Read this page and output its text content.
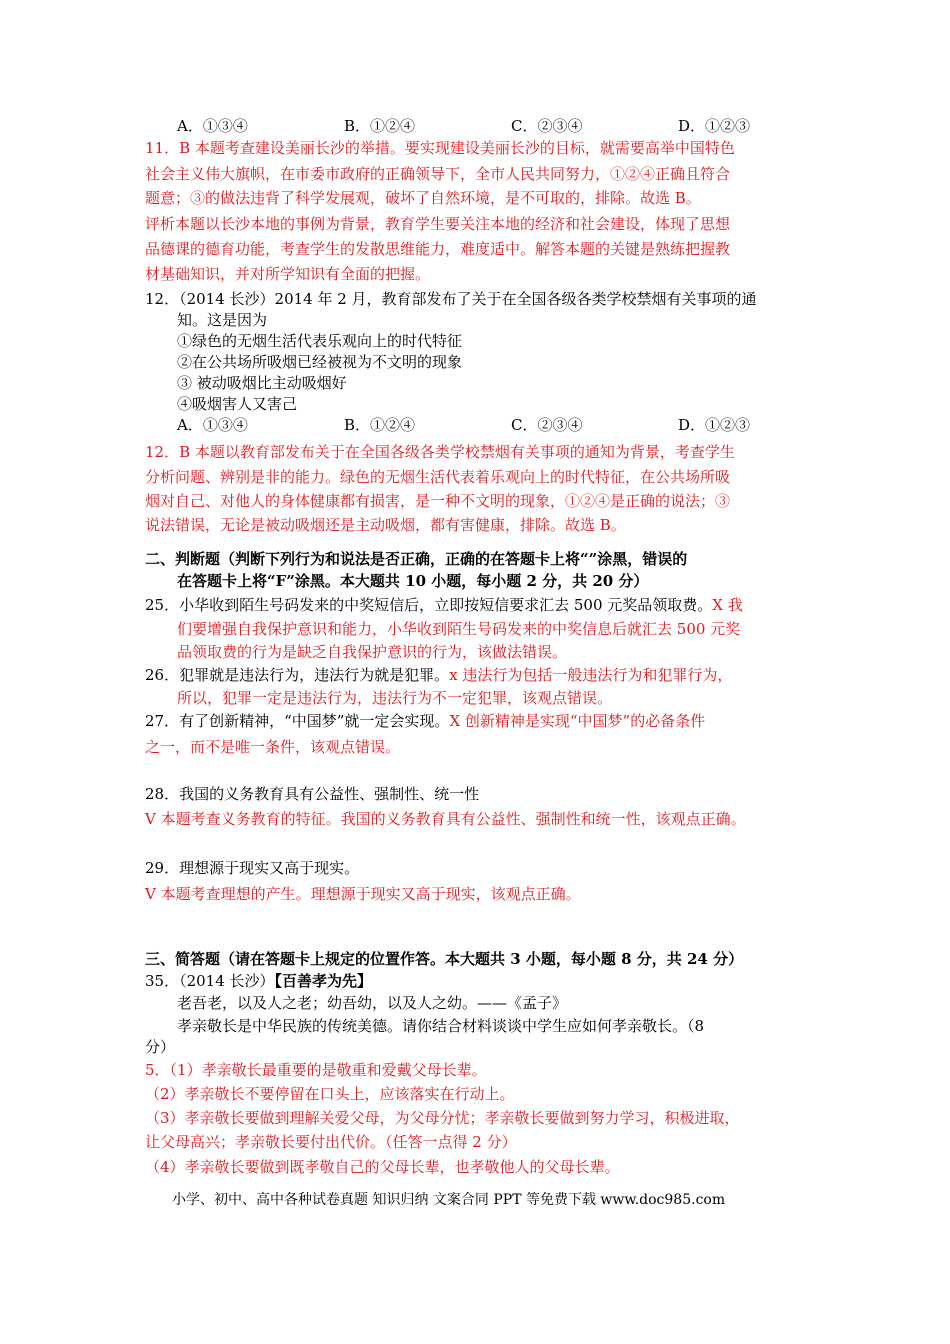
A．①③④	B．①②④	C．②③④	D．①②③
11．B 本题考查建设美丽长沙的举措。要实现建设美丽长沙的目标，就需要高举中国特色
社会主义伟大旗帜，在市委市政府的正确领导下，全市人民共同努力，①②④正确且符合
题意；③的做法违背了科学发展观，破坏了自然环境，是不可取的，排除。故选 B。
评析本题以长沙本地的事例为背景，教育学生要关注本地的经济和社会建设，体现了思想
品德课的德育功能，考查学生的发散思维能力，难度适中。解答本题的关键是熟练把握教
材基础知识，并对所学知识有全面的把握。
12．（2014 长沙）2014 年 2 月，教育部发布了关于在全国各级各类学校禁烟有关事项的通
知。这是因为
①绿色的无烟生活代表乐观向上的时代特征
②在公共场所吸烟已经被视为不文明的现象
③ 被动吸烟比主动吸烟好
④吸烟害人又害己
A．①③④	B．①②④	C．②③④	D．①②③
12．B 本题以教育部发布关于在全国各级各类学校禁烟有关事项的通知为背景，考查学生
分析问题、辨别是非的能力。绿色的无烟生活代表着乐观向上的时代特征，在公共场所吸
烟对自己、对他人的身体健康都有损害，是一种不文明的现象，①②④是正确的说法；③
说法错误，无论是被动吸烟还是主动吸烟，都有害健康，排除。故选 B。
二、判断题（判断下列行为和说法是否正确，正确的在答题卡上将“”涂黑，错误的
在答题卡上将“F”涂黑。本大题共 10 小题，每小题 2 分，共 20 分）
25．小华收到陌生号码发来的中奖短信后，立即按短信要求汇去 500 元奖品领取费。X 我
们要增强自我保护意识和能力，小华收到陌生号码发来的中奖信息后就汇去 500 元奖
品领取费的行为是缺乏自我保护意识的行为，该做法错误。
26．犯罪就是违法行为，违法行为就是犯罪。x 违法行为包括一般违法行为和犯罪行为，
所以，犯罪一定是违法行为，违法行为不一定犯罪，该观点错误。
27．有了创新精神，“中国梦”就一定会实现。X 创新精神是实现“中国梦”的必备条件
之一，而不是唯一条件，该观点错误。
28．我国的义务教育具有公益性、强制性、统一性
V 本题考查义务教育的特征。我国的义务教育具有公益性、强制性和统一性，该观点正确。
29．理想源于现实又高于现实。
V 本题考查理想的产生。理想源于现实又高于现实，该观点正确。
三、简答题（请在答题卡上规定的位置作答。本大题共 3 小题，每小题 8 分，共 24 分）
35．（2014 长沙）【百善孝为先】
老吾老，以及人之老；幼吾幼，以及人之幼。——《孟子》
孝亲敬长是中华民族的传统美德。请你结合材料谈谈中学生应如何孝亲敬长。（8
分）
5．（1）孝亲敬长最重要的是敬重和爱戴父母长辈。
（2）孝亲敬长不要停留在口头上，应该落实在行动上。
（3）孝亲敬长要做到理解关爱父母，为父母分忧；孝亲敬长要做到努力学习，积极进取，
让父母高兴；孝亲敬长要付出代价。（任答一点得 2 分）
（4）孝亲敬长要做到既孝敬自己的父母长辈，也孝敬他人的父母长辈。
小学、初中、高中各种试卷真题 知识归纳 文案合同 PPT 等免费下载 www.doc985.com
